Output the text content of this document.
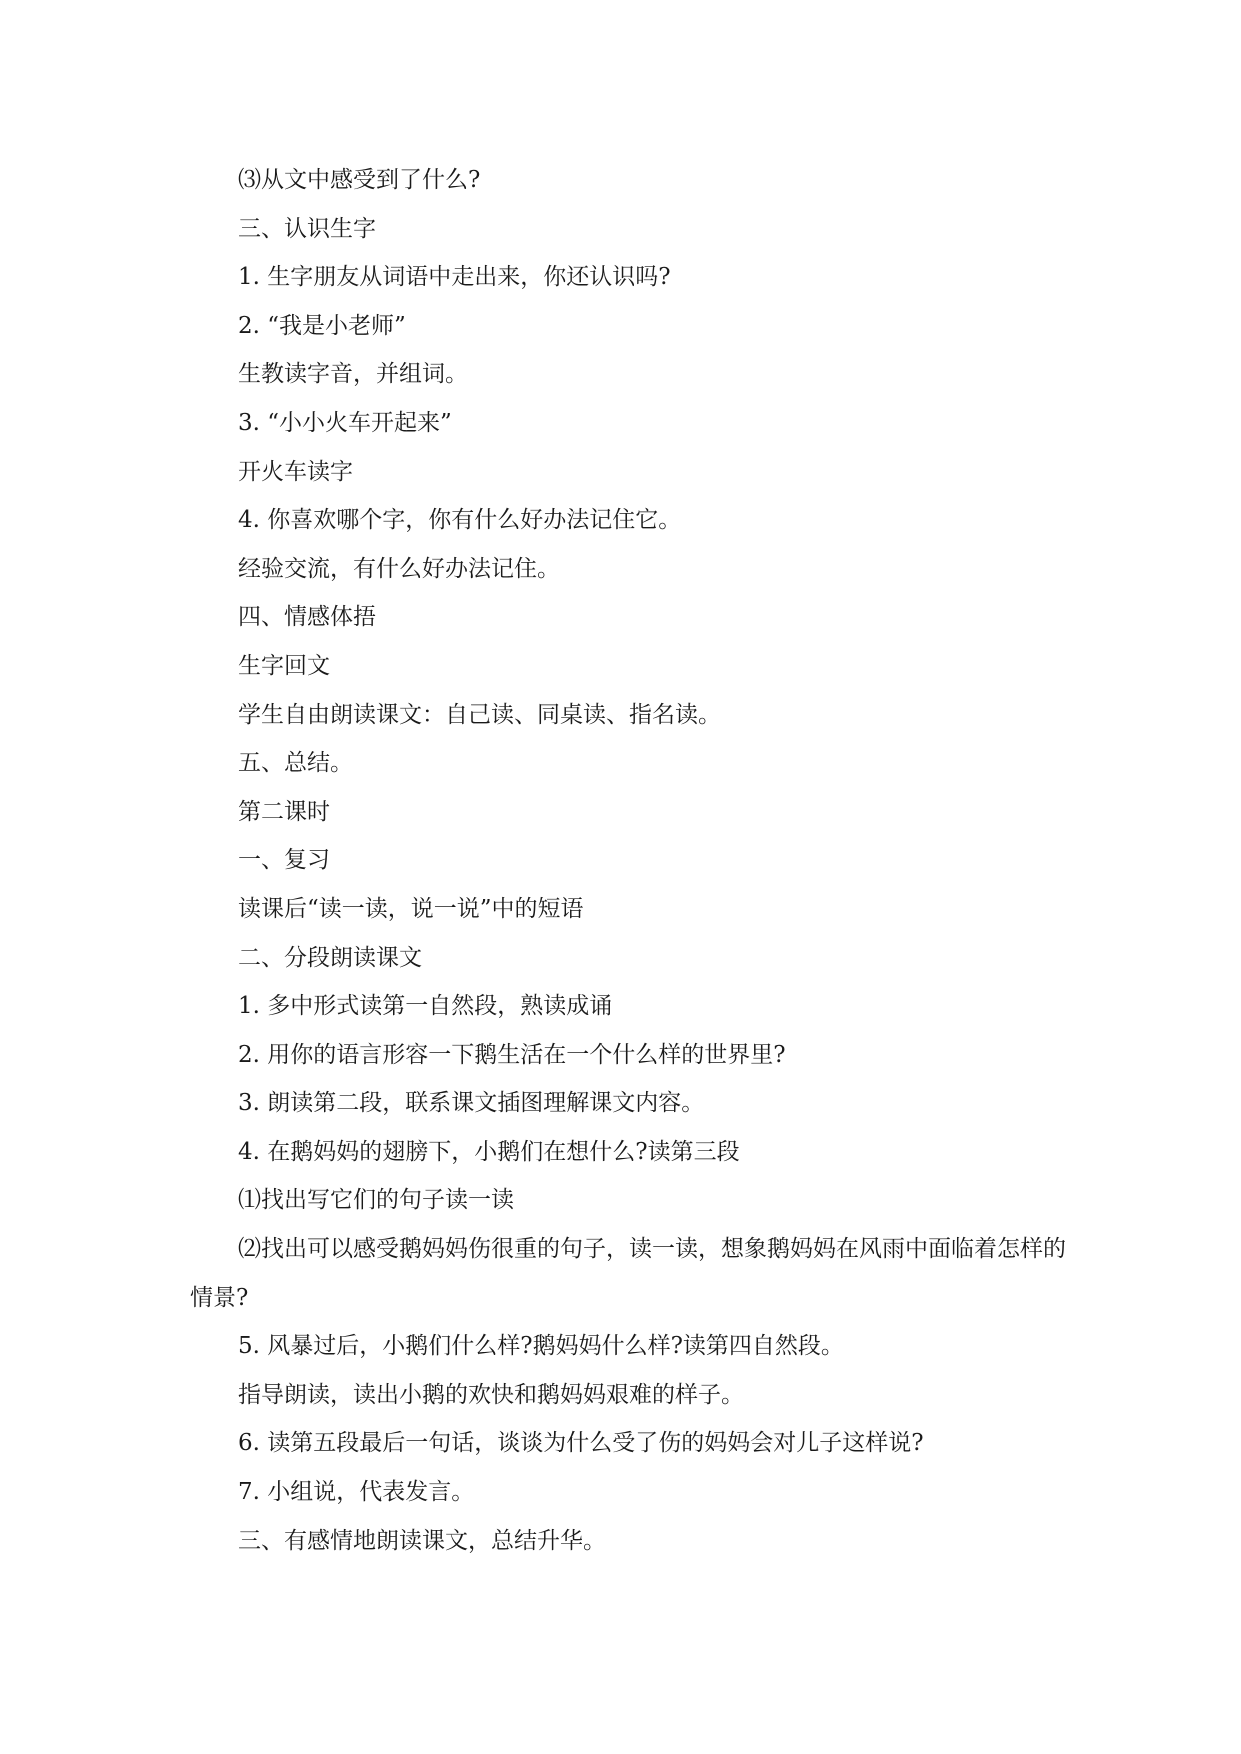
⑶从文中感受到了什么?

三、认识生字

1. 生字朋友从词语中走出来，你还认识吗?

2. “我是小老师”

生教读字音，并组词。

3. “小小火车开起来”

开火车读字

4. 你喜欢哪个字，你有什么好办法记住它。

经验交流，有什么好办法记住。

四、情感体捂

生字回文

学生自由朗读课文：自己读、同桌读、指名读。

五、总结。

第二课时

一、复习

读课后“读一读，说一说”中的短语

二、分段朗读课文

1. 多中形式读第一自然段，熟读成诵

2. 用你的语言形容一下鹅生活在一个什么样的世界里?

3. 朗读第二段，联系课文插图理解课文内容。

4. 在鹅妈妈的翅膀下，小鹅们在想什么?读第三段

⑴找出写它们的句子读一读

⑵找出可以感受鹅妈妈伤很重的句子，读一读，想象鹅妈妈在风雨中面临着怎样的情景?

5. 风暴过后，小鹅们什么样?鹅妈妈什么样?读第四自然段。

指导朗读，读出小鹅的欢快和鹅妈妈艰难的样子。

6. 读第五段最后一句话，谈谈为什么受了伤的妈妈会对儿子这样说?

7. 小组说，代表发言。

三、有感情地朗读课文，总结升华。
